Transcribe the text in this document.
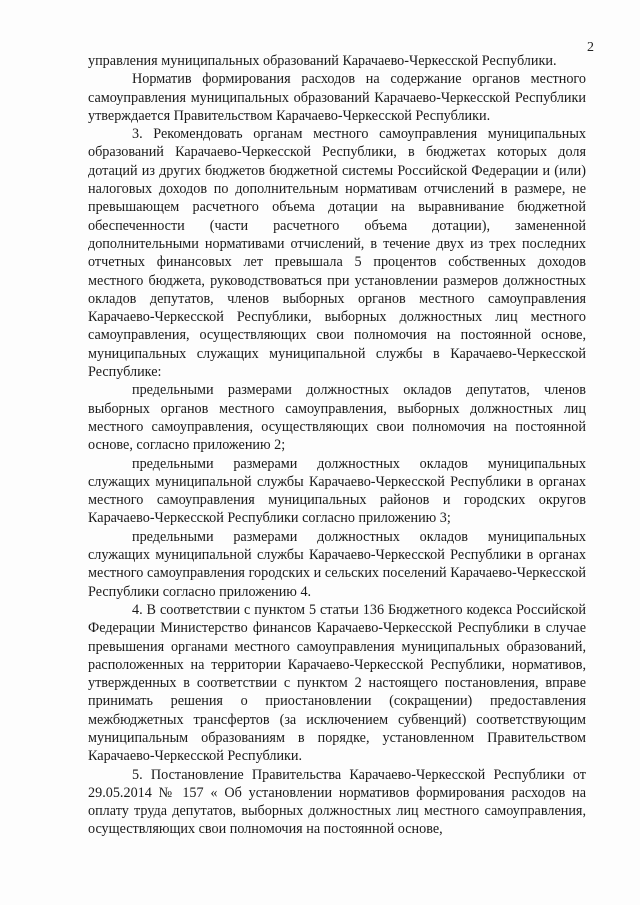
2

управления муниципальных образований Карачаево-Черкесской Республики.

Норматив формирования расходов на содержание органов местного самоуправления муниципальных образований Карачаево-Черкесской Республики утверждается Правительством Карачаево-Черкесской Республики.

3. Рекомендовать органам местного самоуправления муниципальных образований Карачаево-Черкесской Республики, в бюджетах которых доля дотаций из других бюджетов бюджетной системы Российской Федерации и (или) налоговых доходов по дополнительным нормативам отчислений в размере, не превышающем расчетного объема дотации на выравнивание бюджетной обеспеченности (части расчетного объема дотации), замененной дополнительными нормативами отчислений, в течение двух из трех последних отчетных финансовых лет превышала 5 процентов собственных доходов местного бюджета, руководствоваться при установлении размеров должностных окладов депутатов, членов выборных органов местного самоуправления Карачаево-Черкесской Республики, выборных должностных лиц местного самоуправления, осуществляющих свои полномочия на постоянной основе, муниципальных служащих муниципальной службы в Карачаево-Черкесской Республике:

предельными размерами должностных окладов депутатов, членов выборных органов местного самоуправления, выборных должностных лиц местного самоуправления, осуществляющих свои полномочия на постоянной основе, согласно приложению 2;

предельными размерами должностных окладов муниципальных служащих муниципальной службы Карачаево-Черкесской Республики в органах местного самоуправления муниципальных районов и городских округов Карачаево-Черкесской Республики согласно приложению 3;

предельными размерами должностных окладов муниципальных служащих муниципальной службы Карачаево-Черкесской Республики в органах местного самоуправления городских и сельских поселений Карачаево-Черкесской Республики согласно приложению 4.

4. В соответствии с пунктом 5 статьи 136 Бюджетного кодекса Российской Федерации Министерство финансов Карачаево-Черкесской Республики в случае превышения органами местного самоуправления муниципальных образований, расположенных на территории Карачаево-Черкесской Республики, нормативов, утвержденных в соответствии с пунктом 2 настоящего постановления, вправе принимать решения о приостановлении (сокращении) предоставления межбюджетных трансфертов (за исключением субвенций) соответствующим муниципальным образованиям в порядке, установленном Правительством Карачаево-Черкесской Республики.

5. Постановление Правительства Карачаево-Черкесской Республики от 29.05.2014 № 157 « Об установлении нормативов формирования расходов на оплату труда депутатов, выборных должностных лиц местного самоуправления, осуществляющих свои полномочия на постоянной основе,
